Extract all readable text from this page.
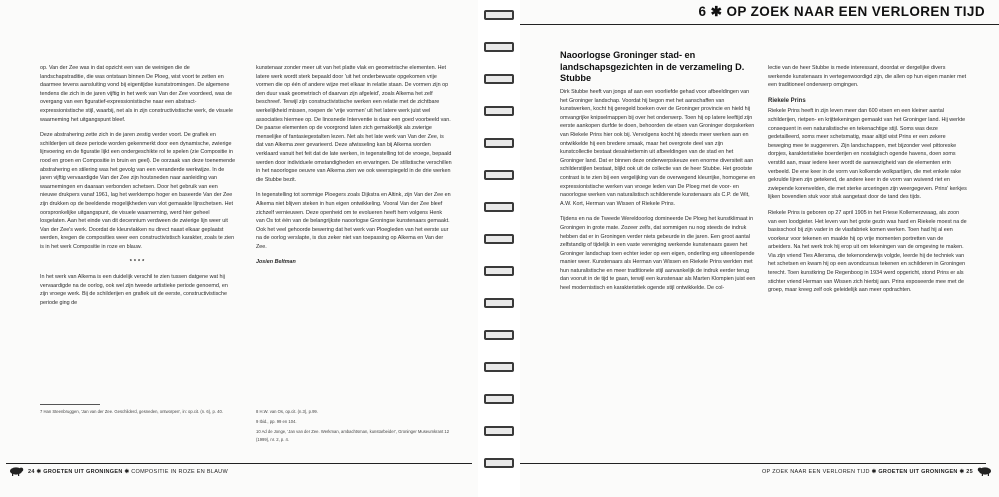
op. Van der Zee was in dat opzicht een van de weinigen die de landschapstraditie, die was ontstaan binnen De Ploeg, wist voort te zetten en daarmee tevens aansluiting vond bij eigentijdse kunststromingen. De algemene tendens die zich in de jaren vijftig in het werk van Van der Zee voordeed, was de overgang van een figuratief-expressionistische naar een abstract-expressionistische stijl, waarbij, net als in zijn constructivistische werk, de visuele waarneming het uitgangspunt bleef.

Deze abstrahering zette zich in de jaren zestig verder voort. De grafiek en schilderijen uit deze periode worden gekenmerkt door een dynamische, zwierige lijnvoering en de figuratie lijkt een ondergeschikte rol te spelen (zie Compositie in rood en groen en Compositie in bruin en geel). De oorzaak van deze toenemende abstrahering en stilering was het gevolg van een veranderde werkwijze. In de jaren vijftig vervaardigde Van der Zee zijn houtsneden naar aanleiding van waarnemingen en daaraan verbonden schetsen. Door het gebruik van een nieuwe drukpers vanaf 1961, lag het werktempo hoger en baseerde Van der Zee zijn drukken op de beeldende mogelijkheden van vlot gemaakte lijnschetsen. Het oorspronkelijke uitgangspunt, de visuele waarneming, werd hier geheel losgelaten. Aan het einde van dit decennium verdween de zwierige lijn weer uit Van der Zee's werk. Doordat de kleurvlakken nu direct naast elkaar geplaatst werden, kregen de composities weer een constructivistisch karakter, zoals te zien is in het werk Compositie in roze en blauw.

****

In het werk van Alkema is een duidelijk verschil te zien tussen datgene wat hij vervaardigde na de oorlog, ook wel zijn tweede artistieke periode genoemd, en zijn vroege werk. Bij de schilderijen en grafiek uit de eerste, constructivistische periode ging de

kunstenaar zonder meer uit van het platte vlak en geometrische elementen. Het latere werk wordt sterk bepaald door 'uit het onderbewuste opgekomen vrije vormen die op één of andere wijze met elkaar in relatie staan. De vormen zijn op den duur vaak geometrisch of daarvan zijn afgeleid', zoals Alkema het zelf beschreef. Terwijl zijn constructivistische werken een relatie met de zichtbare werkelijkheid missen, roepen de 'vrije vormen' uit het latere werk juist wel associaties hiermee op. De linosnede Interventie is daar een goed voorbeeld van. De paarse elementen op de voorgrond laten zich gemakkelijk als zwierige menselijke of fantasiegestalten lezen. Net als het late werk van Van der Zee, is dat van Alkema zeer gevarieerd. Deze afwisseling kan bij Alkema worden verklaard vanuit het feit dat de late werken, in tegenstelling tot de vroege, bepaald werden door individuele omstandigheden en ervaringen. De stilistische verschillen in het naoorlogse oeuvre van Alkema zien we ook weerspiegeld in de drie werken die Stubbe bezit.

In tegenstelling tot sommige Ploegers zoals Dijkstra en Altink, zijn Van der Zee en Alkema niet blijven steken in hun eigen ontwikkeling. Vooral Van der Zee bleef zichzelf vernieuwen. Deze openheid om te evolueren heeft hem volgens Henk van Os tot één van de belangrijkste naoorlogse Groningse kunstenaars gemaakt. Ook het veel gehoorde bewering dat het werk van Ploegleden van het eerste uur na de oorlog verslapte, is dus zeker niet van toepassing op Alkema en Van der Zee.

Josien Beltman

7 Han Steenbruggen, 'Jan van der Zee. Geschilderd, gesneden, ontworpen', in: op.cit. (n. 6), p. 40.	8 H.W. van Os, op.cit. (n.3), p.99.

9 Ibid., pp. 99 en 104.

10 Ad de Jonge, 'Jan van der Zee. Werkman, ambachtsman, kunstarbeider', Groninger Museumkrant 12 (1999), nr. 2, p. 4.

24 ✱ GROETEN UIT GRONINGEN ✱ COMPOSITIE IN ROZE EN BLAUW
6 ✱ OP ZOEK NAAR EEN VERLOREN TIJD
Naoorlogse Groninger stad- en landschapsgezichten in de verzameling D. Stubbe

Dirk Stubbe heeft van jongs af aan een voorliefde gehad voor afbeeldingen van het Groninger landschap. Voordat hij begon met het aanschaffen van kunstwerken, kocht hij geregeld boeken over de Groninger provincie en hield hij omvangrijke knipselmappen bij over het onderwerp. Toen hij op latere leeftijd zijn eerste aankopen durfde te doen, behoorden de etsen van Groninger dorpskerken van Riekele Prins hier ook bij. Vervolgens kocht hij steeds meer werken aan en ontwikkelde hij een bredere smaak, maar het overgrote deel van zijn kunstcollectie bestaat desalniettemin uit afbeeldingen van de stad en het Groninger land. Dat er binnen deze onderwerpskeuze een enorme diversiteit aan schilderstijlen bestaat, blijkt ook uit de collectie van de heer Stubbe. Het grootste contrast is te zien bij een vergelijking van de overwegend kleurrijke, homogene en expressionistische werken van vroege leden van De Ploeg met de voor- en naoorlogse werken van naturalistisch schilderende kunstenaars als C.P. de Wit, A.W. Kort, Herman van Wissen of Riekele Prins.

Tijdens en na de Tweede Wereldoorlog domineerde De Ploeg het kunstklimaat in Groningen in grote mate. Zozeer zelfs, dat sommigen nu nog steeds de indruk hebben dat er in Groningen verder niets gebeurde in die jaren. Een groot aantal zelfstandig of tijdelijk in een vaste vereniging werkende kunstenaars gaven het Groninger landschap toen echter ieder op een eigen, onderling erg uiteenlopende manier weer. Kunstenaars als Herman van Wissen en Riekele Prins werkten met hun naturalistische en meer traditionele stijl aanvankelijk de indruk eerder terug dan vooruit in de tijd te gaan, terwijl een kunstenaar als Marten Klompien juist een heel modernistisch en karakteristiek ogende stijl ontwikkelde. De col-

lectie van de heer Stubbe is mede interessant, doordat er dergelijke divers werkende kunstenaars in vertegenwoordigd zijn, die allen op hun eigen manier met een traditioneel onderwerp omgingen.

Riekele Prins

Riekele Prins heeft in zijn leven meer dan 600 etsen en een kleiner aantal schilderijen, rietpen- en krijttekeningen gemaakt van het Groninger land. Hij werkte consequent in een naturalistische en tekenachtige stijl. Soms was deze gedetailleerd, soms meer schetsmatig, maar altijd wist Prins er een zekere beweging mee te suggereren. Zijn landschappen, met bijzonder veel pittoreske dorpjes, karakteristieke boerderijen en nostalgisch ogende havens, doen soms verstild aan, maar iedere keer wordt de aanwezigheid van de elementen erin verbeeld. De ene keer in de vorm van kolkende wolkpartijen, die met enkele rake gekrulde lijnen zijn getekend, de andere keer in de vorm van wuivend riet en zwiepende korenvelden, die met sterke arceringen zijn weergegeven. Prins' kerkjes lijken bovendien stuk voor stuk aangetast door de tand des tijds.

Riekele Prins is geboren op 27 april 1905 in het Friese Kollemerzwaag, als zoon van een loodgieter. Het leven van het grote gezin was hard en Riekele moest na de basisschool bij zijn vader in de vlasfabriek komen werken. Toen had hij al een voorkeur voor tekenen en maakte hij op vrije momenten portretten van de arbeiders. Na het werk trok hij erop uit om tekeningen van de omgeving te maken. Via zijn vriend Ties Allersma, die tekenonderwijs volgde, leerde hij de techniek van het schetsen en kwam hij op een avondcursus tekenen en schilderen in Groningen terecht. Toen kunstkring De Regenboog in 1934 werd opgericht, stond Prins er als stichter vriend Herman van Wissen zich hierbij aan. Prins exposeerde mee met de groep, maar kreeg zelf ook geleidelijk aan meer opdrachten.

OP ZOEK NAAR EEN VERLOREN TIJD ✱ GROETEN UIT GRONINGEN ✱ 25
